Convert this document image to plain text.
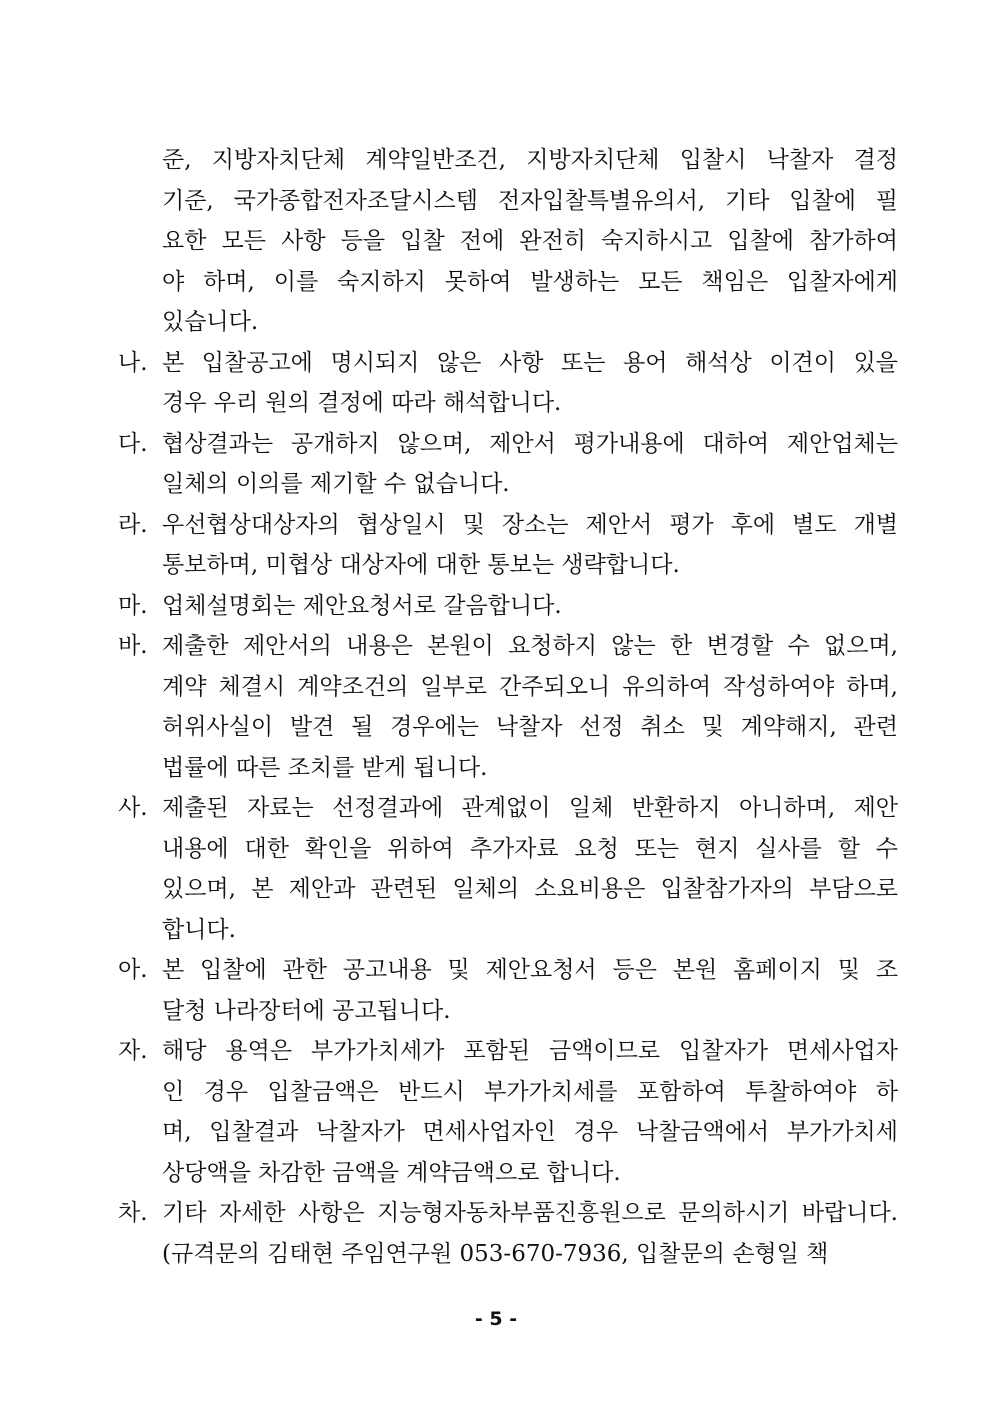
준, 지방자치단체 계약일반조건, 지방자치단체 입찰시 낙찰자 결정
기준, 국가종합전자조달시스템 전자입찰특별유의서, 기타 입찰에 필
요한 모든 사항 등을 입찰 전에 완전히 숙지하시고 입찰에 참가하여
야 하며, 이를 숙지하지 못하여 발생하는 모든 책임은 입찰자에게
있습니다.
나. 본 입찰공고에 명시되지 않은 사항 또는 용어 해석상 이견이 있을
경우 우리 원의 결정에 따라 해석합니다.
다. 협상결과는 공개하지 않으며, 제안서 평가내용에 대하여 제안업체는
일체의 이의를 제기할 수 없습니다.
라. 우선협상대상자의 협상일시 및 장소는 제안서 평가 후에 별도 개별
통보하며, 미협상 대상자에 대한 통보는 생략합니다.
마. 업체설명회는 제안요청서로 갈음합니다.
바. 제출한 제안서의 내용은 본원이 요청하지 않는 한 변경할 수 없으며,
계약 체결시 계약조건의 일부로 간주되오니 유의하여 작성하여야 하며,
허위사실이 발견 될 경우에는 낙찰자 선정 취소 및 계약해지, 관련
법률에 따른 조치를 받게 됩니다.
사. 제출된 자료는 선정결과에 관계없이 일체 반환하지 아니하며, 제안
내용에 대한 확인을 위하여 추가자료 요청 또는 현지 실사를 할 수
있으며, 본 제안과 관련된 일체의 소요비용은 입찰참가자의 부담으로
합니다.
아. 본 입찰에 관한 공고내용 및 제안요청서 등은 본원 홈페이지 및 조
달청 나라장터에 공고됩니다.
자. 해당 용역은 부가가치세가 포함된 금액이므로 입찰자가 면세사업자
인 경우 입찰금액은 반드시 부가가치세를 포함하여 투찰하여야 하
며, 입찰결과 낙찰자가 면세사업자인 경우 낙찰금액에서 부가가치세
상당액을 차감한 금액을 계약금액으로 합니다.
차. 기타 자세한 사항은 지능형자동차부품진흥원으로 문의하시기 바랍니다.
(규격문의 김태현 주임연구원 053-670-7936, 입찰문의 손형일 책
- 5 -
